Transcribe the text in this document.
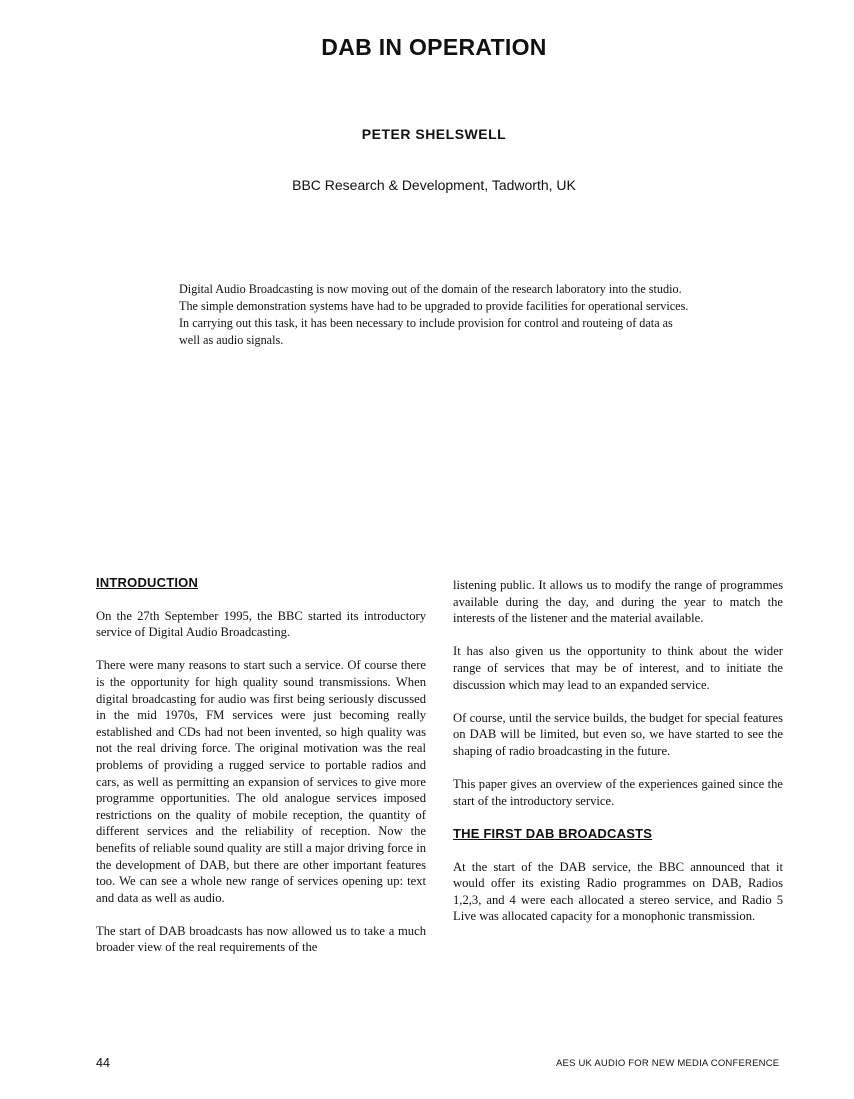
DAB IN OPERATION
PETER SHELSWELL
BBC Research & Development, Tadworth, UK

Digital Audio Broadcasting is now moving out of the domain of the research laboratory into the studio. The simple demonstration systems have had to be upgraded to provide facilities for operational services. In carrying out this task, it has been necessary to include provision for control and routeing of data as well as audio signals.

INTRODUCTION

On the 27th September 1995, the BBC started its introductory service of Digital Audio Broadcasting.

There were many reasons to start such a service. Of course there is the opportunity for high quality sound transmissions. When digital broadcasting for audio was first being seriously discussed in the mid 1970s, FM services were just becoming really established and CDs had not been invented, so high quality was not the real driving force. The original motivation was the real problems of providing a rugged service to portable radios and cars, as well as permitting an expansion of services to give more programme opportunities. The old analogue services imposed restrictions on the quality of mobile reception, the quantity of different services and the reliability of reception. Now the benefits of reliable sound quality are still a major driving force in the development of DAB, but there are other important features too. We can see a whole new range of services opening up: text and data as well as audio.

The start of DAB broadcasts has now allowed us to take a much broader view of the real requirements of the

listening public. It allows us to modify the range of programmes available during the day, and during the year to match the interests of the listener and the material available.

It has also given us the opportunity to think about the wider range of services that may be of interest, and to initiate the discussion which may lead to an expanded service.

Of course, until the service builds, the budget for special features on DAB will be limited, but even so, we have started to see the shaping of radio broadcasting in the future.

This paper gives an overview of the experiences gained since the start of the introductory service.

THE FIRST DAB BROADCASTS

At the start of the DAB service, the BBC announced that it would offer its existing Radio programmes on DAB, Radios 1,2,3, and 4 were each allocated a stereo service, and Radio 5 Live was allocated capacity for a monophonic transmission.

44	AES UK AUDIO FOR NEW MEDIA CONFERENCE
